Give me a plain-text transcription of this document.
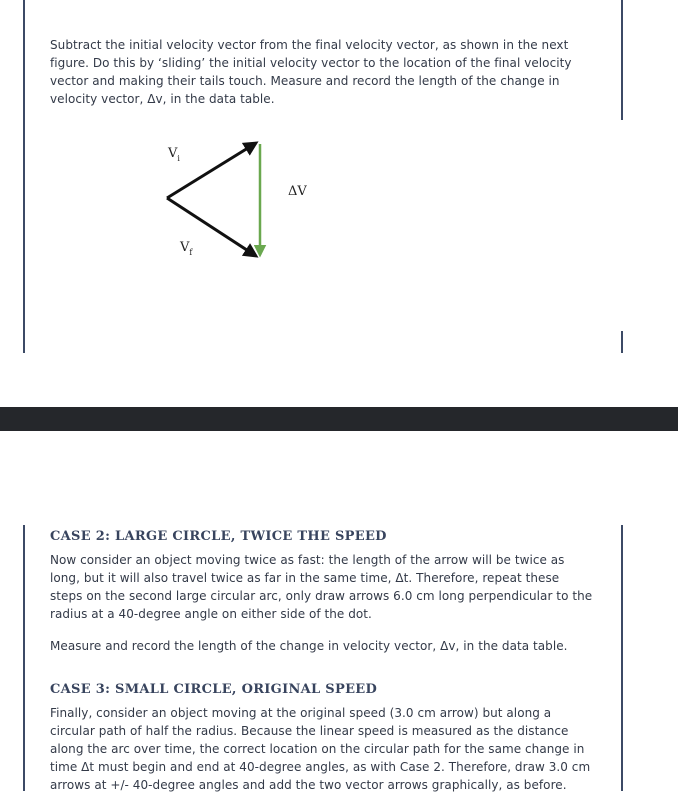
Subtract the initial velocity vector from the final velocity vector, as shown in the next figure. Do this by ‘sliding’ the initial velocity vector to the location of the final velocity vector and making their tails touch. Measure and record the length of the change in velocity vector, Δv, in the data table.

$V_i$
$V_f$
ΔV
CASE 2: LARGE CIRCLE, TWICE THE SPEED

Now consider an object moving twice as fast: the length of the arrow will be twice as long, but it will also travel twice as far in the same time, Δt. Therefore, repeat these steps on the second large circular arc, only draw arrows 6.0 cm long perpendicular to the radius at a 40-degree angle on either side of the dot.

Measure and record the length of the change in velocity vector, Δv, in the data table.

CASE 3: SMALL CIRCLE, ORIGINAL SPEED

Finally, consider an object moving at the original speed (3.0 cm arrow) but along a circular path of half the radius. Because the linear speed is measured as the distance along the arc over time, the correct location on the circular path for the same change in time Δt must begin and end at 40-degree angles, as with Case 2. Therefore, draw 3.0 cm arrows at +/- 40-degree angles and add the two vector arrows graphically, as before.
